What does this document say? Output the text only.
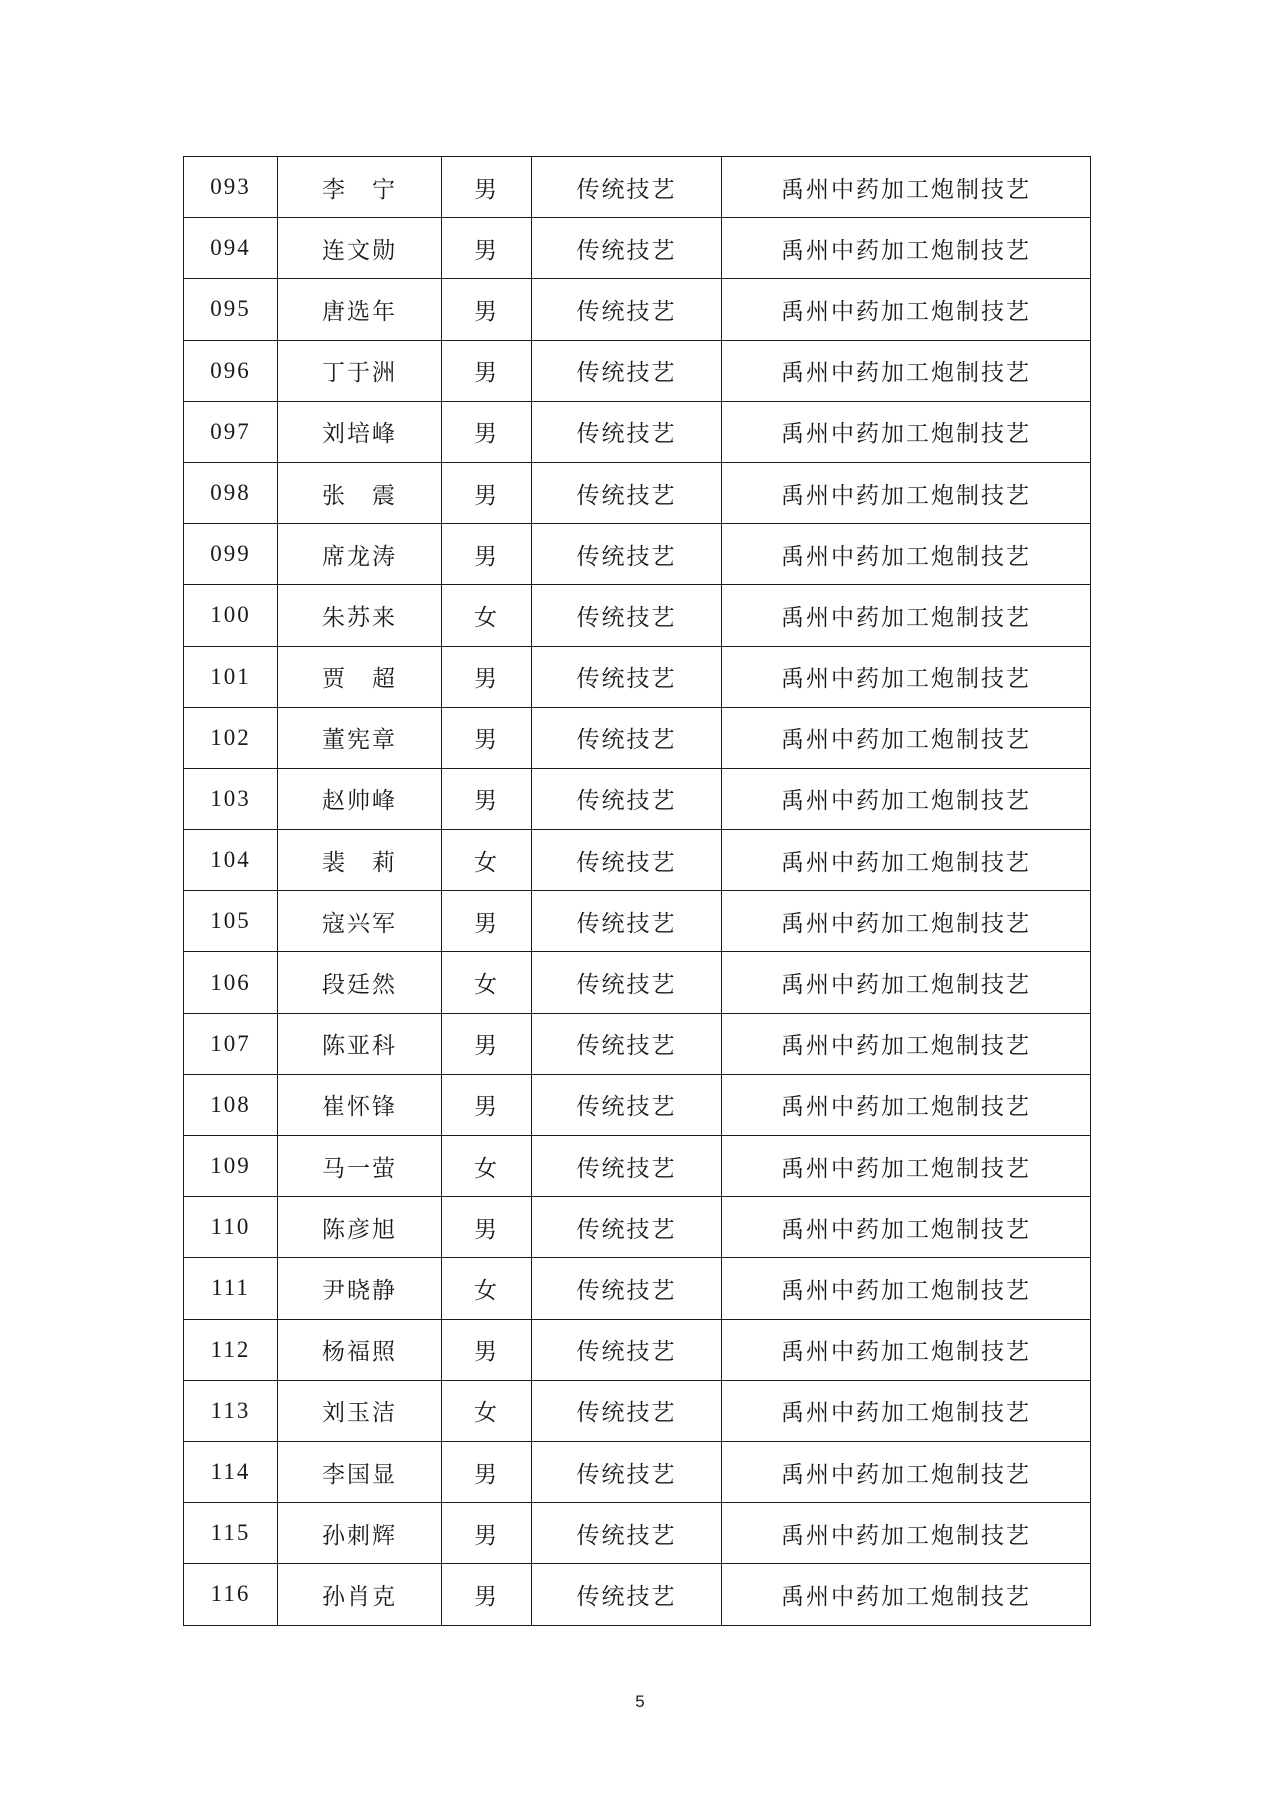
093	李　宁	男	传统技艺	禹州中药加工炮制技艺
094	连文勋	男	传统技艺	禹州中药加工炮制技艺
095	唐选年	男	传统技艺	禹州中药加工炮制技艺
096	丁于洲	男	传统技艺	禹州中药加工炮制技艺
097	刘培峰	男	传统技艺	禹州中药加工炮制技艺
098	张　震	男	传统技艺	禹州中药加工炮制技艺
099	席龙涛	男	传统技艺	禹州中药加工炮制技艺
100	朱苏来	女	传统技艺	禹州中药加工炮制技艺
101	贾　超	男	传统技艺	禹州中药加工炮制技艺
102	董宪章	男	传统技艺	禹州中药加工炮制技艺
103	赵帅峰	男	传统技艺	禹州中药加工炮制技艺
104	裴　莉	女	传统技艺	禹州中药加工炮制技艺
105	寇兴军	男	传统技艺	禹州中药加工炮制技艺
106	段廷然	女	传统技艺	禹州中药加工炮制技艺
107	陈亚科	男	传统技艺	禹州中药加工炮制技艺
108	崔怀锋	男	传统技艺	禹州中药加工炮制技艺
109	马一萤	女	传统技艺	禹州中药加工炮制技艺
110	陈彦旭	男	传统技艺	禹州中药加工炮制技艺
111	尹晓静	女	传统技艺	禹州中药加工炮制技艺
112	杨福照	男	传统技艺	禹州中药加工炮制技艺
113	刘玉洁	女	传统技艺	禹州中药加工炮制技艺
114	李国显	男	传统技艺	禹州中药加工炮制技艺
115	孙刺辉	男	传统技艺	禹州中药加工炮制技艺
116	孙肖克	男	传统技艺	禹州中药加工炮制技艺
5
